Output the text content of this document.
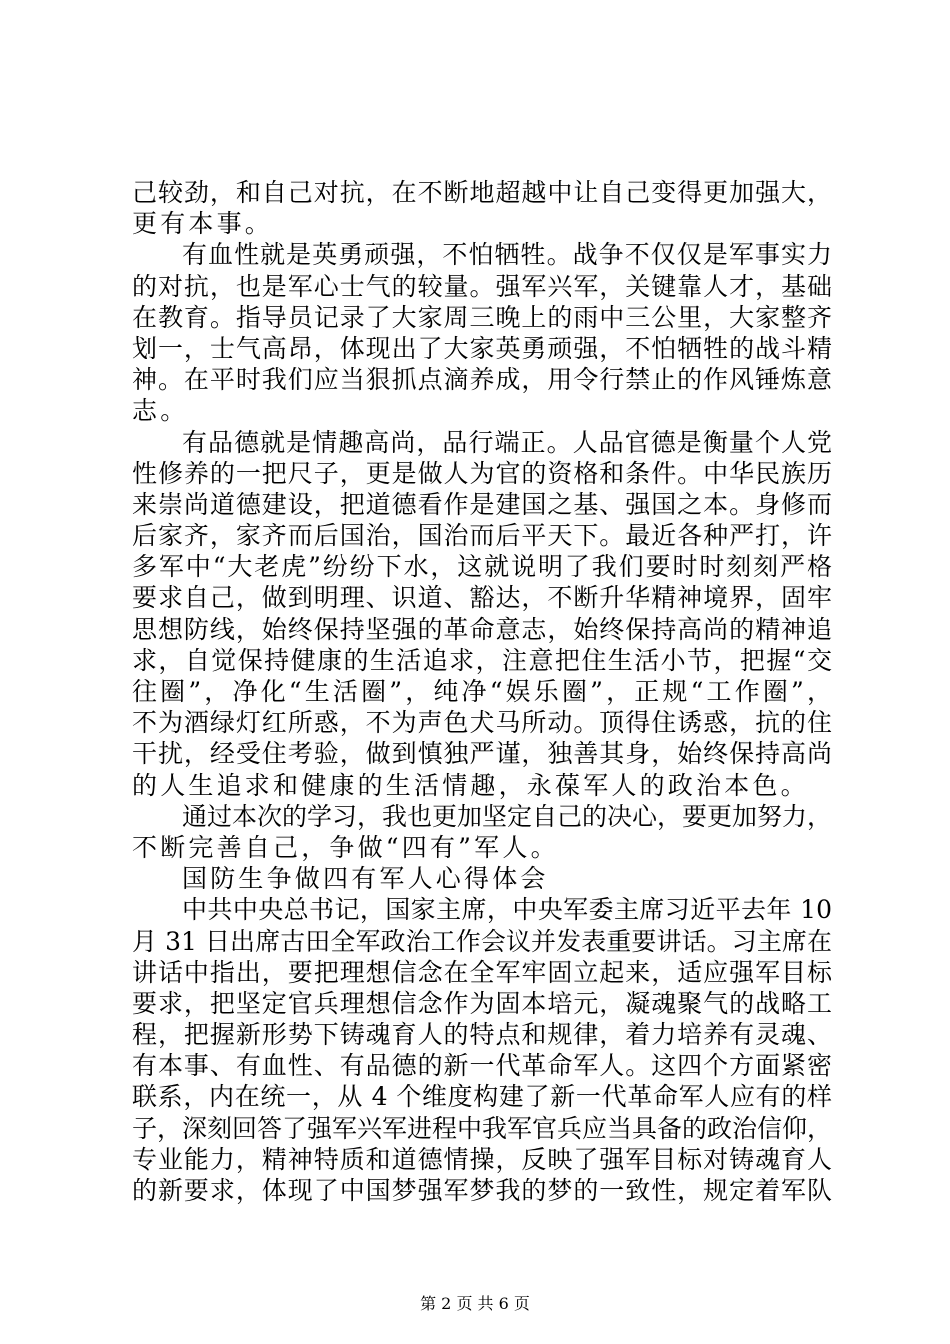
己较劲，和自己对抗，在不断地超越中让自己变得更加强大，
更有本事。
有血性就是英勇顽强，不怕牺牲。战争不仅仅是军事实力
的对抗，也是军心士气的较量。强军兴军，关键靠人才，基础
在教育。指导员记录了大家周三晚上的雨中三公里，大家整齐
划一，士气高昂，体现出了大家英勇顽强，不怕牺牲的战斗精
神。在平时我们应当狠抓点滴养成，用令行禁止的作风锤炼意
志。
有品德就是情趣高尚，品行端正。人品官德是衡量个人党
性修养的一把尺子，更是做人为官的资格和条件。中华民族历
来崇尚道德建设，把道德看作是建国之基、强国之本。身修而
后家齐，家齐而后国治，国治而后平天下。最近各种严打，许
多军中“大老虎”纷纷下水，这就说明了我们要时时刻刻严格
要求自己，做到明理、识道、豁达，不断升华精神境界，固牢
思想防线，始终保持坚强的革命意志，始终保持高尚的精神追
求，自觉保持健康的生活追求，注意把住生活小节，把握“交
往圈”，净化“生活圈”，纯净“娱乐圈”，正规“工作圈”，
不为酒绿灯红所惑，不为声色犬马所动。顶得住诱惑，抗的住
干扰，经受住考验，做到慎独严谨，独善其身，始终保持高尚
的人生追求和健康的生活情趣，永葆军人的政治本色。
通过本次的学习，我也更加坚定自己的决心，要更加努力，
不断完善自己，争做“四有”军人。
国防生争做四有军人心得体会
中共中央总书记，国家主席，中央军委主席习近平去年 10
月 31 日出席古田全军政治工作会议并发表重要讲话。习主席在
讲话中指出，要把理想信念在全军牢固立起来，适应强军目标
要求，把坚定官兵理想信念作为固本培元，凝魂聚气的战略工
程，把握新形势下铸魂育人的特点和规律，着力培养有灵魂、
有本事、有血性、有品德的新一代革命军人。这四个方面紧密
联系，内在统一，从 4 个维度构建了新一代革命军人应有的样
子，深刻回答了强军兴军进程中我军官兵应当具备的政治信仰，
专业能力，精神特质和道德情操，反映了强军目标对铸魂育人
的新要求，体现了中国梦强军梦我的梦的一致性，规定着军队
第 2 页 共 6 页
